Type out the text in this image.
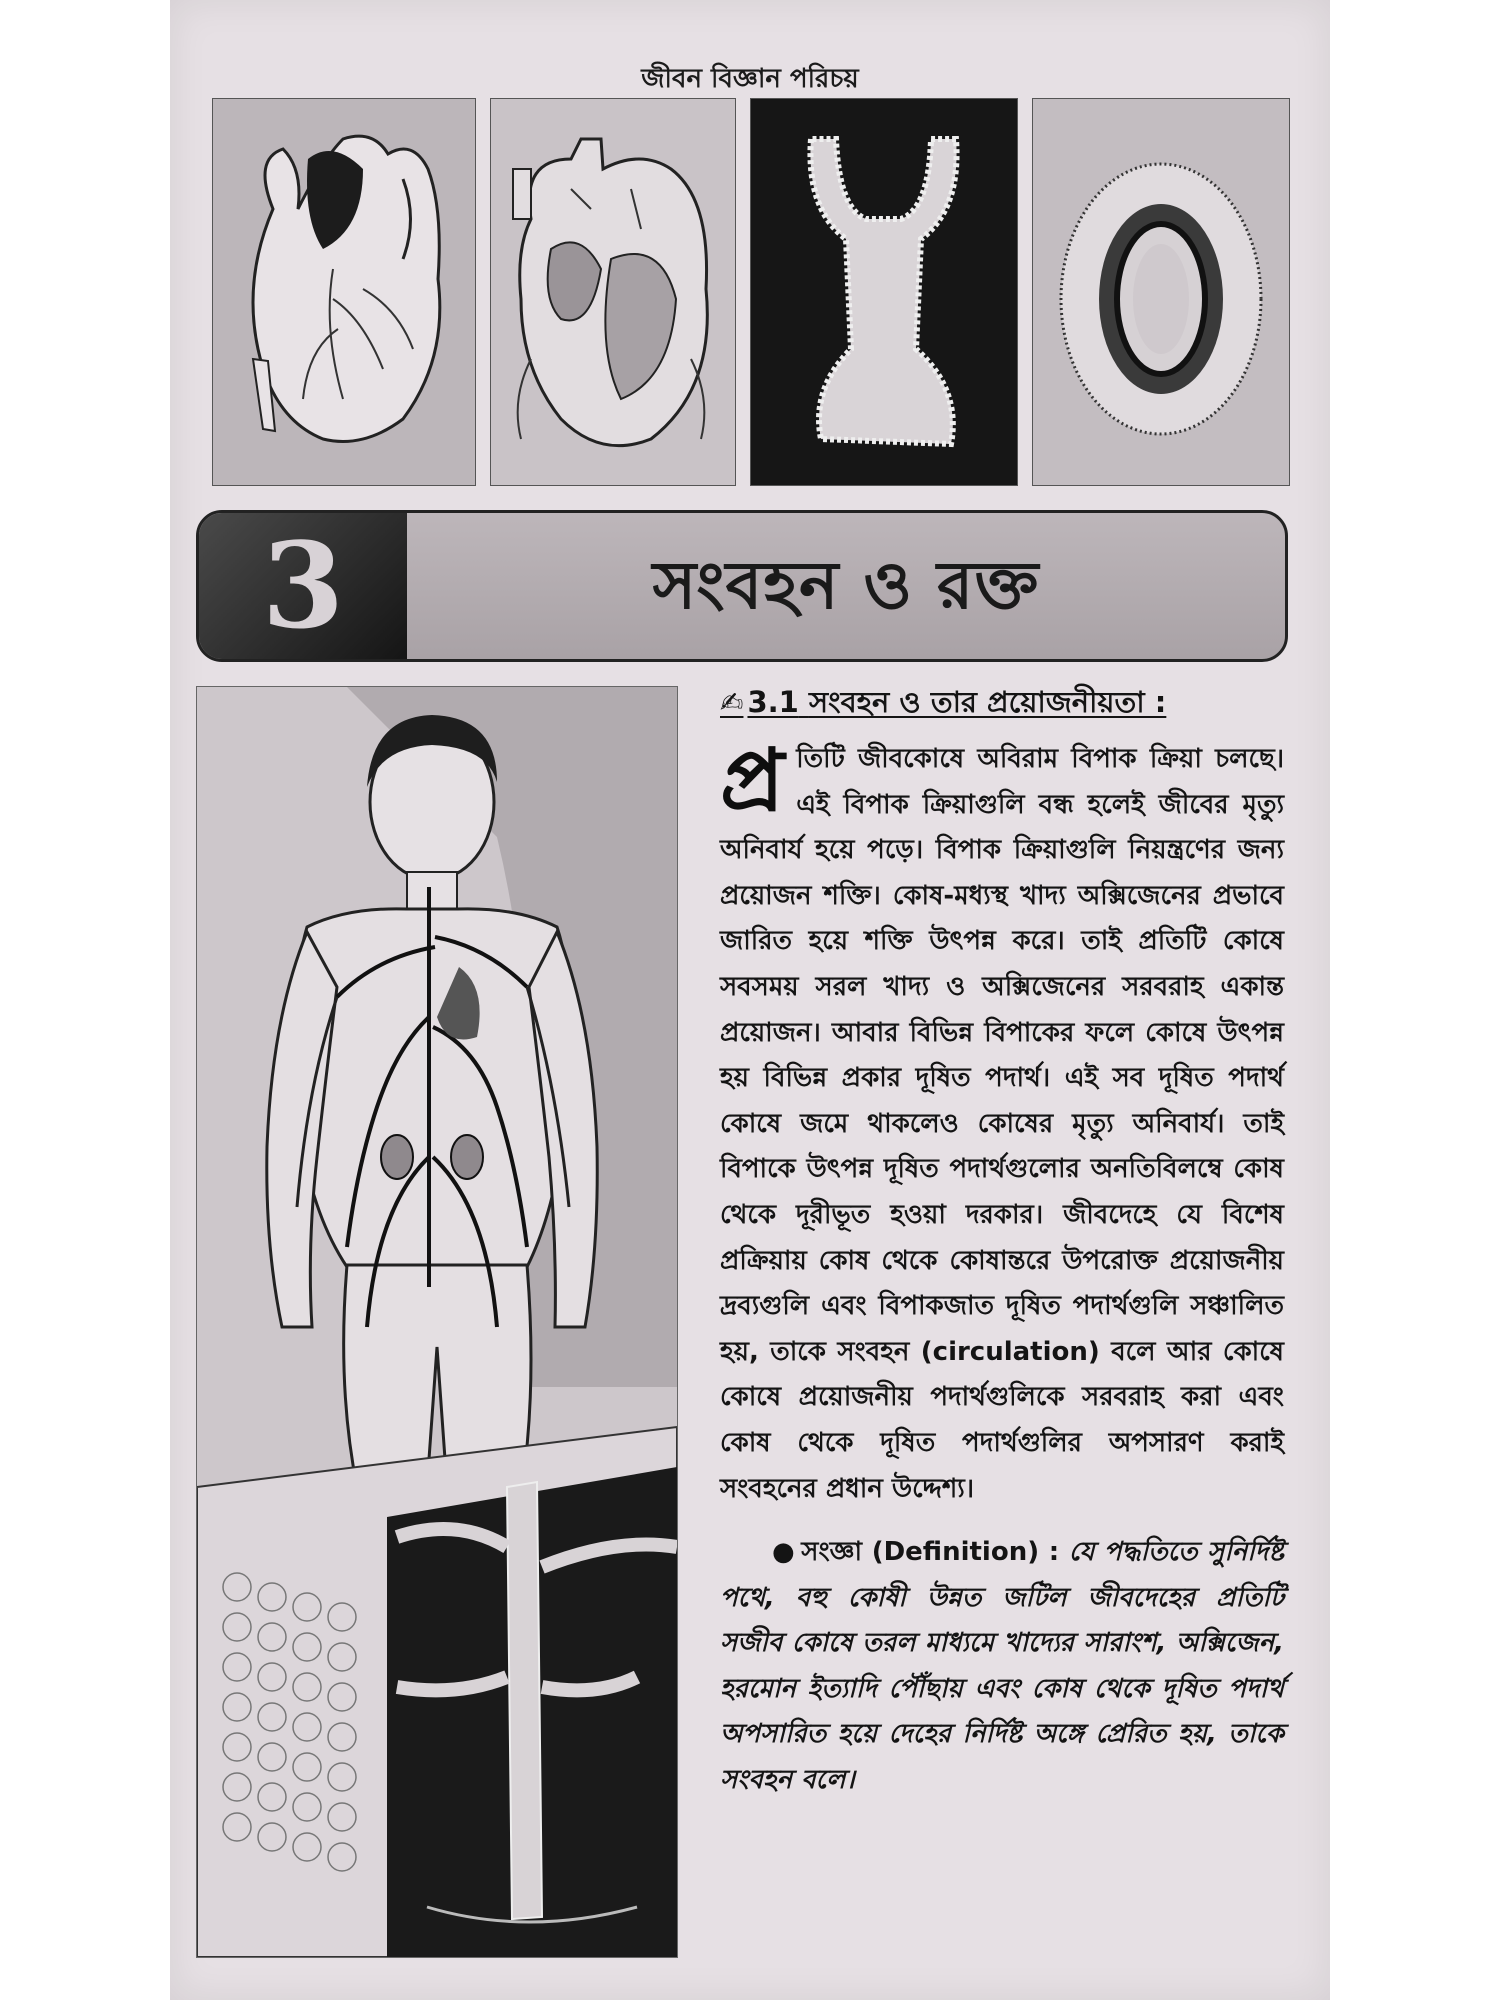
জীবন বিজ্ঞান পরিচয়
3	সংবহন ও রক্ত
✍ 3.1 সংবহন ও তার প্রয়োজনীয়তা :
প্র তিটি জীবকোষে অবিরাম বিপাক ক্রিয়া চলছে। এই বিপাক ক্রিয়াগুলি বন্ধ হলেই জীবের মৃত্যু অনিবার্য হয়ে পড়ে। বিপাক ক্রিয়াগুলি নিয়ন্ত্রণের জন্য প্রয়োজন শক্তি। কোষ-মধ্যস্থ খাদ্য অক্সিজেনের প্রভাবে জারিত হয়ে শক্তি উৎপন্ন করে। তাই প্রতিটি কোষে সবসময় সরল খাদ্য ও অক্সিজেনের সরবরাহ একান্ত প্রয়োজন। আবার বিভিন্ন বিপাকের ফলে কোষে উৎপন্ন হয় বিভিন্ন প্রকার দূষিত পদার্থ। এই সব দূষিত পদার্থ কোষে জমে থাকলেও কোষের মৃত্যু অনিবার্য। তাই বিপাকে উৎপন্ন দূষিত পদার্থগুলোর অনতিবিলম্বে কোষ থেকে দূরীভূত হওয়া দরকার। জীবদেহে যে বিশেষ প্রক্রিয়ায় কোষ থেকে কোষান্তরে উপরোক্ত প্রয়োজনীয় দ্রব্যগুলি এবং বিপাকজাত দূষিত পদার্থগুলি সঞ্চালিত হয়, তাকে সংবহন (circulation) বলে আর কোষে কোষে প্রয়োজনীয় পদার্থগুলিকে সরবরাহ করা এবং কোষ থেকে দূষিত পদার্থগুলির অপসারণ করাই সংবহনের প্রধান উদ্দেশ্য।
● সংজ্ঞা (Definition) : যে পদ্ধতিতে সুনির্দিষ্ট পথে, বহু কোষী উন্নত জটিল জীবদেহের প্রতিটি সজীব কোষে তরল মাধ্যমে খাদ্যের সারাংশ, অক্সিজেন, হরমোন ইত্যাদি পৌঁছায় এবং কোষ থেকে দূষিত পদার্থ অপসারিত হয়ে দেহের নির্দিষ্ট অঙ্গে প্রেরিত হয়, তাকে সংবহন বলে।
